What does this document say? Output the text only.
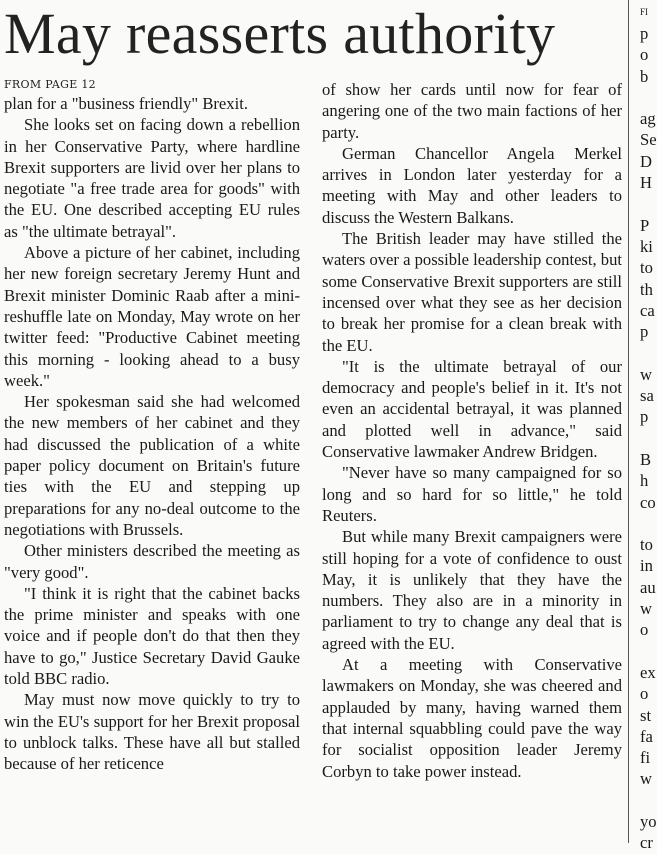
May reasserts authority

FROM PAGE 12

plan for a "business friendly" Brexit.

She looks set on facing down a rebellion in her Conservative Party, where hardline Brexit supporters are livid over her plans to negotiate "a free trade area for goods" with the EU. One described accepting EU rules as "the ultimate betrayal".

Above a picture of her cabinet, including her new foreign secretary Jeremy Hunt and Brexit minister Dominic Raab after a mini-reshuffle late on Monday, May wrote on her twitter feed: "Productive Cabinet meeting this morning - looking ahead to a busy week."

Her spokesman said she had welcomed the new members of her cabinet and they had discussed the publication of a white paper policy document on Britain's future ties with the EU and stepping up preparations for any no-deal outcome to the negotiations with Brussels.

Other ministers described the meeting as "very good".

"I think it is right that the cabinet backs the prime minister and speaks with one voice and if people don't do that then they have to go," Justice Secretary David Gauke told BBC radio.

May must now move quickly to try to win the EU's support for her Brexit proposal to unblock talks. These have all but stalled because of her reticence

of show her cards until now for fear of angering one of the two main factions of her party.

German Chancellor Angela Merkel arrives in London later yesterday for a meeting with May and other leaders to discuss the Western Balkans.

The British leader may have stilled the waters over a possible leadership contest, but some Conservative Brexit supporters are still incensed over what they see as her decision to break her promise for a clean break with the EU.

"It is the ultimate betrayal of our democracy and people's belief in it. It's not even an accidental betrayal, it was planned and plotted well in advance," said Conservative lawmaker Andrew Bridgen.

"Never have so many campaigned for so long and so hard for so little," he told Reuters.

But while many Brexit campaigners were still hoping for a vote of confidence to oust May, it is unlikely that they have the numbers. They also are in a minority in parliament to try to change any deal that is agreed with the EU.

At a meeting with Conservative lawmakers on Monday, she was cheered and applauded by many, having warned them that internal squabbling could pave the way for socialist opposition leader Jeremy Corbyn to take power instead.

FI
p
o
b

ag
Se
D
H

P
ki
to
th
ca
p

w
sa
p

B
h
co

to
in
au
w
o

ex
o
st
fa
fi
w

yo
cr
